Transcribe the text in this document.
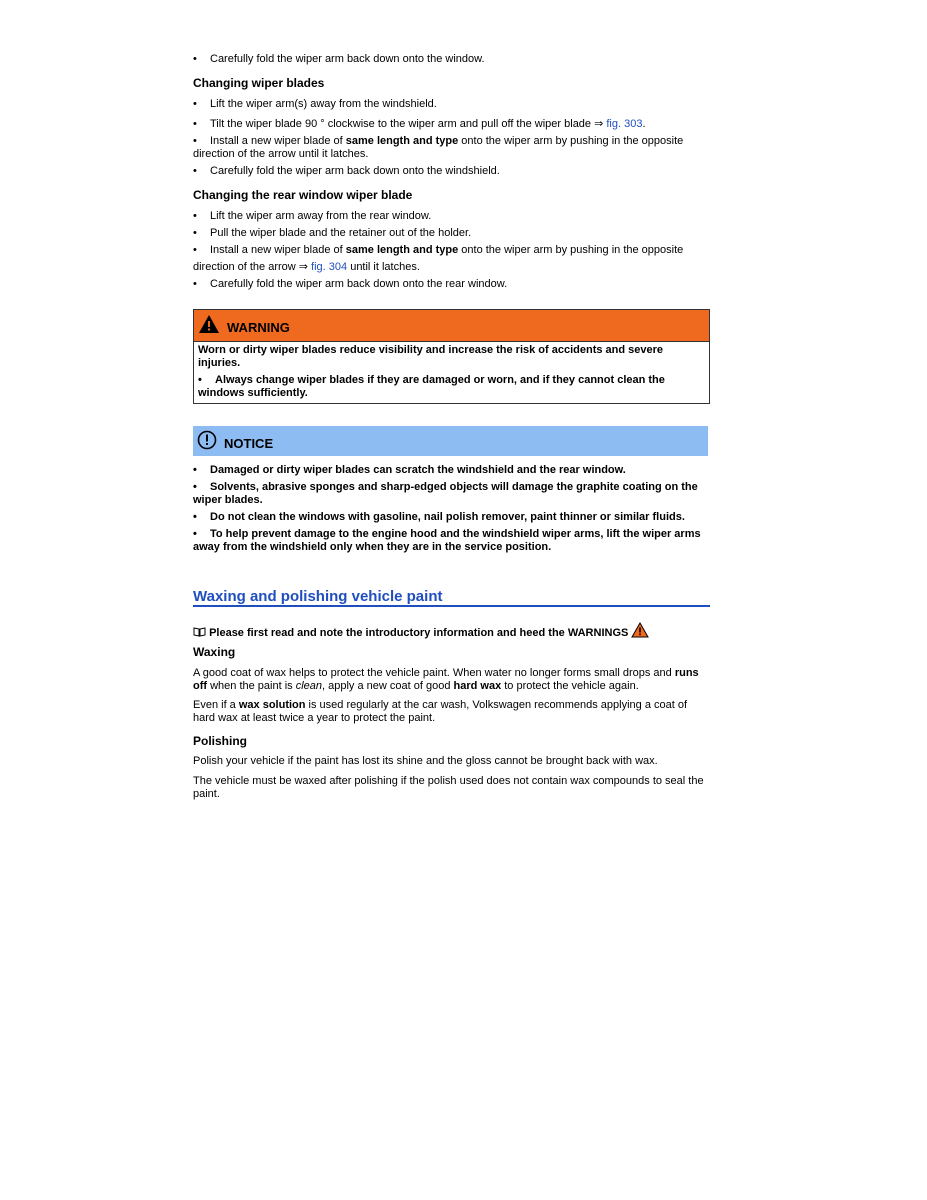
• Carefully fold the wiper arm back down onto the window.
Changing wiper blades
• Lift the wiper arm(s) away from the windshield.
• Tilt the wiper blade 90 ° clockwise to the wiper arm and pull off the wiper blade ⇒ fig. 303.
• Install a new wiper blade of same length and type onto the wiper arm by pushing in the opposite direction of the arrow until it latches.
• Carefully fold the wiper arm back down onto the windshield.
Changing the rear window wiper blade
• Lift the wiper arm away from the rear window.
• Pull the wiper blade and the retainer out of the holder.
• Install a new wiper blade of same length and type onto the wiper arm by pushing in the opposite
direction of the arrow ⇒ fig. 304 until it latches.
• Carefully fold the wiper arm back down onto the rear window.
WARNING

Worn or dirty wiper blades reduce visibility and increase the risk of accidents and severe injuries.

• Always change wiper blades if they are damaged or worn, and if they cannot clean the windows sufficiently.

NOTICE
• Damaged or dirty wiper blades can scratch the windshield and the rear window.
• Solvents, abrasive sponges and sharp-edged objects will damage the graphite coating on the wiper blades.
• Do not clean the windows with gasoline, nail polish remover, paint thinner or similar fluids.
• To help prevent damage to the engine hood and the windshield wiper arms, lift the wiper arms away from the windshield only when they are in the service position.
Waxing and polishing vehicle paint
Please first read and note the introductory information and heed the WARNINGS
Waxing
A good coat of wax helps to protect the vehicle paint. When water no longer forms small drops and runs off when the paint is clean, apply a new coat of good hard wax to protect the vehicle again.
Even if a wax solution is used regularly at the car wash, Volkswagen recommends applying a coat of hard wax at least twice a year to protect the paint.
Polishing
Polish your vehicle if the paint has lost its shine and the gloss cannot be brought back with wax.
The vehicle must be waxed after polishing if the polish used does not contain wax compounds to seal the paint.
